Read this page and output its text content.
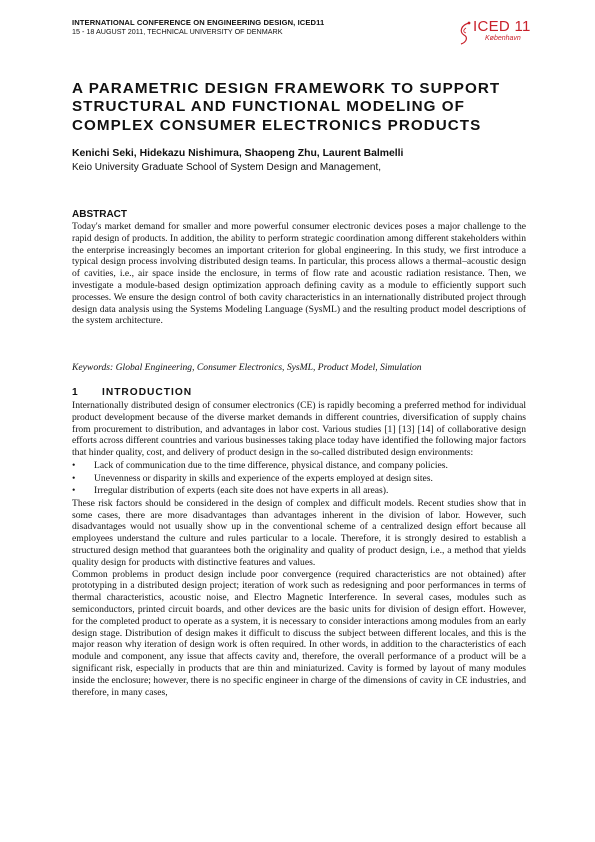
INTERNATIONAL CONFERENCE ON ENGINEERING DESIGN, ICED11
15 - 18 AUGUST 2011, TECHNICAL UNIVERSITY OF DENMARK	ICED 11
København
A PARAMETRIC DESIGN FRAMEWORK TO SUPPORT STRUCTURAL AND FUNCTIONAL MODELING OF COMPLEX CONSUMER ELECTRONICS PRODUCTS
Kenichi Seki, Hidekazu Nishimura, Shaopeng Zhu, Laurent Balmelli
Keio University Graduate School of System Design and Management,
ABSTRACT
Today's market demand for smaller and more powerful consumer electronic devices poses a major challenge to the rapid design of products. In addition, the ability to perform strategic coordination among different stakeholders within the enterprise increasingly becomes an important criterion for global engineering. In this study, we first introduce a typical design process involving distributed design teams. In particular, this process allows a thermal–acoustic design of cavities, i.e., air space inside the enclosure, in terms of flow rate and acoustic radiation resistance. Then, we investigate a module-based design optimization approach defining cavity as a module to efficiently support such processes. We ensure the design control of both cavity characteristics in an internationally distributed project through design data analysis using the Systems Modeling Language (SysML) and the resulting product model descriptions of the system architecture.
Keywords: Global Engineering, Consumer Electronics, SysML, Product Model, Simulation
1 INTRODUCTION

Internationally distributed design of consumer electronics (CE) is rapidly becoming a preferred method for individual product development because of the diverse market demands in different countries, diversification of supply chains from procurement to distribution, and advantages in labor cost. Various studies [1] [13] [14] of collaborative design efforts across different countries and various businesses taking place today have identified the following major factors that hinder quality, cost, and delivery of product design in the so-called distributed design environments:

• Lack of communication due to the time difference, physical distance, and company policies.
• Unevenness or disparity in skills and experience of the experts employed at design sites.
• Irregular distribution of experts (each site does not have experts in all areas).

These risk factors should be considered in the design of complex and difficult models. Recent studies show that in some cases, there are more disadvantages than advantages inherent in the division of labor. However, such disadvantages would not usually show up in the conventional scheme of a centralized design effort because all employees understand the culture and rules particular to a locale. Therefore, it is strongly desired to establish a structured design method that guarantees both the originality and quality of product design, i.e., a method that yields quality design for products with distinctive features and values.

Common problems in product design include poor convergence (required characteristics are not obtained) after prototyping in a distributed design project; iteration of work such as redesigning and poor performances in terms of thermal characteristics, acoustic noise, and Electro Magnetic Interference. In several cases, modules such as semiconductors, printed circuit boards, and other devices are the basic units for division of design effort. However, for the completed product to operate as a system, it is necessary to consider interactions among modules from an early design stage. Distribution of design makes it difficult to discuss the subject between different locales, and this is the major reason why iteration of design work is often required. In other words, in addition to the characteristics of each module and component, any issue that affects cavity and, therefore, the overall performance of a product will be a significant risk, especially in products that are thin and miniaturized. Cavity is formed by layout of many modules inside the enclosure; however, there is no specific engineer in charge of the dimensions of cavity in CE industries, and therefore, in many cases,
